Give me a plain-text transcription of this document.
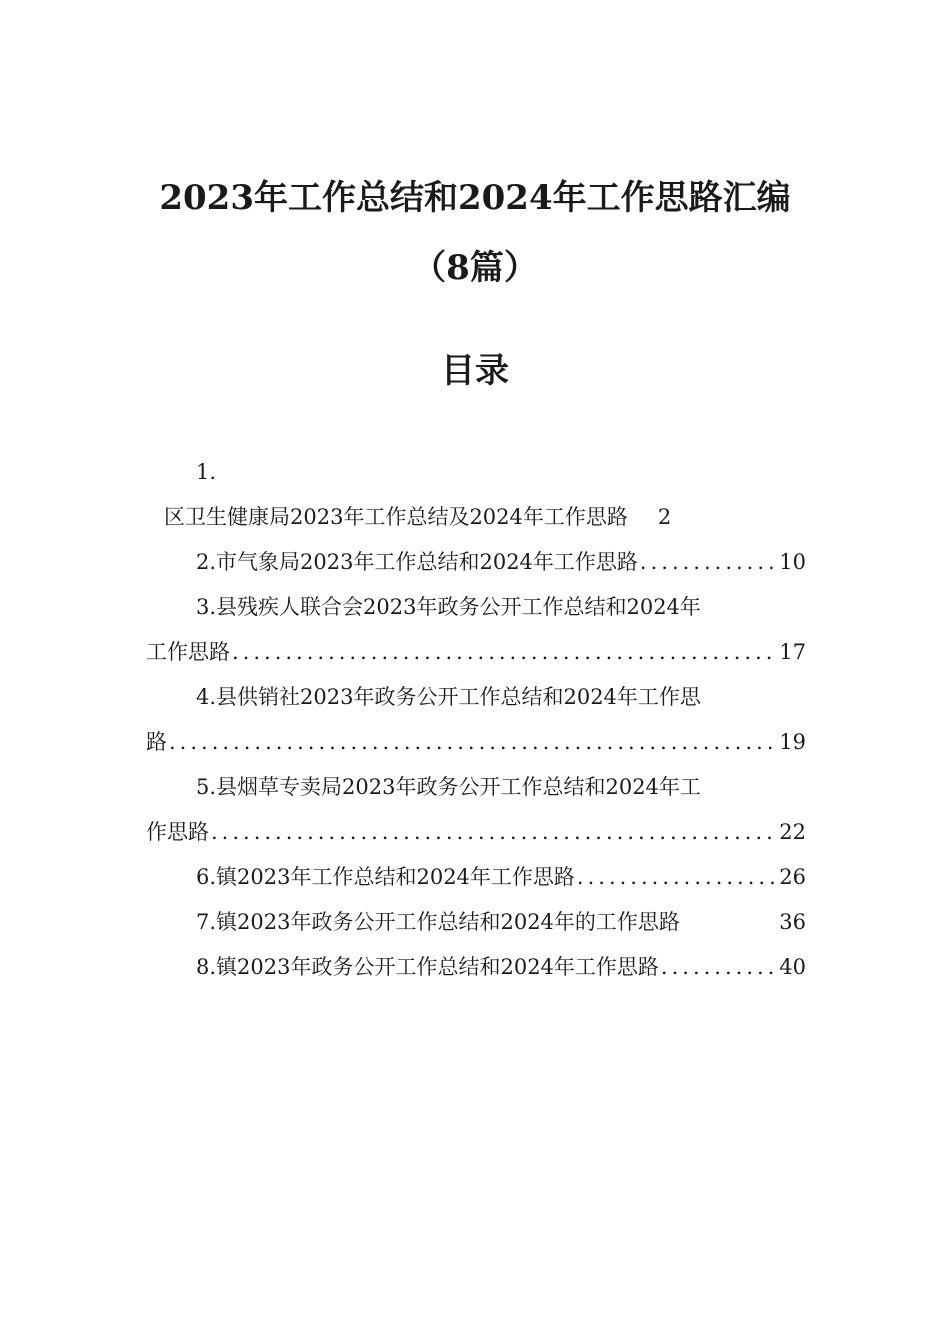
2023年工作总结和2024年工作思路汇编
（8篇）
目录
1.
区卫生健康局2023年工作总结及2024年工作思路 2
2.市气象局2023年工作总结和2024年工作思路 .....	10
3.县残疾人联合会2023年政务公开工作总结和2024年
工作思路 .....	17
4.县供销社2023年政务公开工作总结和2024年工作思
路 .....	19
5.县烟草专卖局2023年政务公开工作总结和2024年工
作思路 .....	22
6.镇2023年工作总结和2024年工作思路 .....	26
7.镇2023年政务公开工作总结和2024年的工作思路	36
8.镇2023年政务公开工作总结和2024年工作思路 .....	40
